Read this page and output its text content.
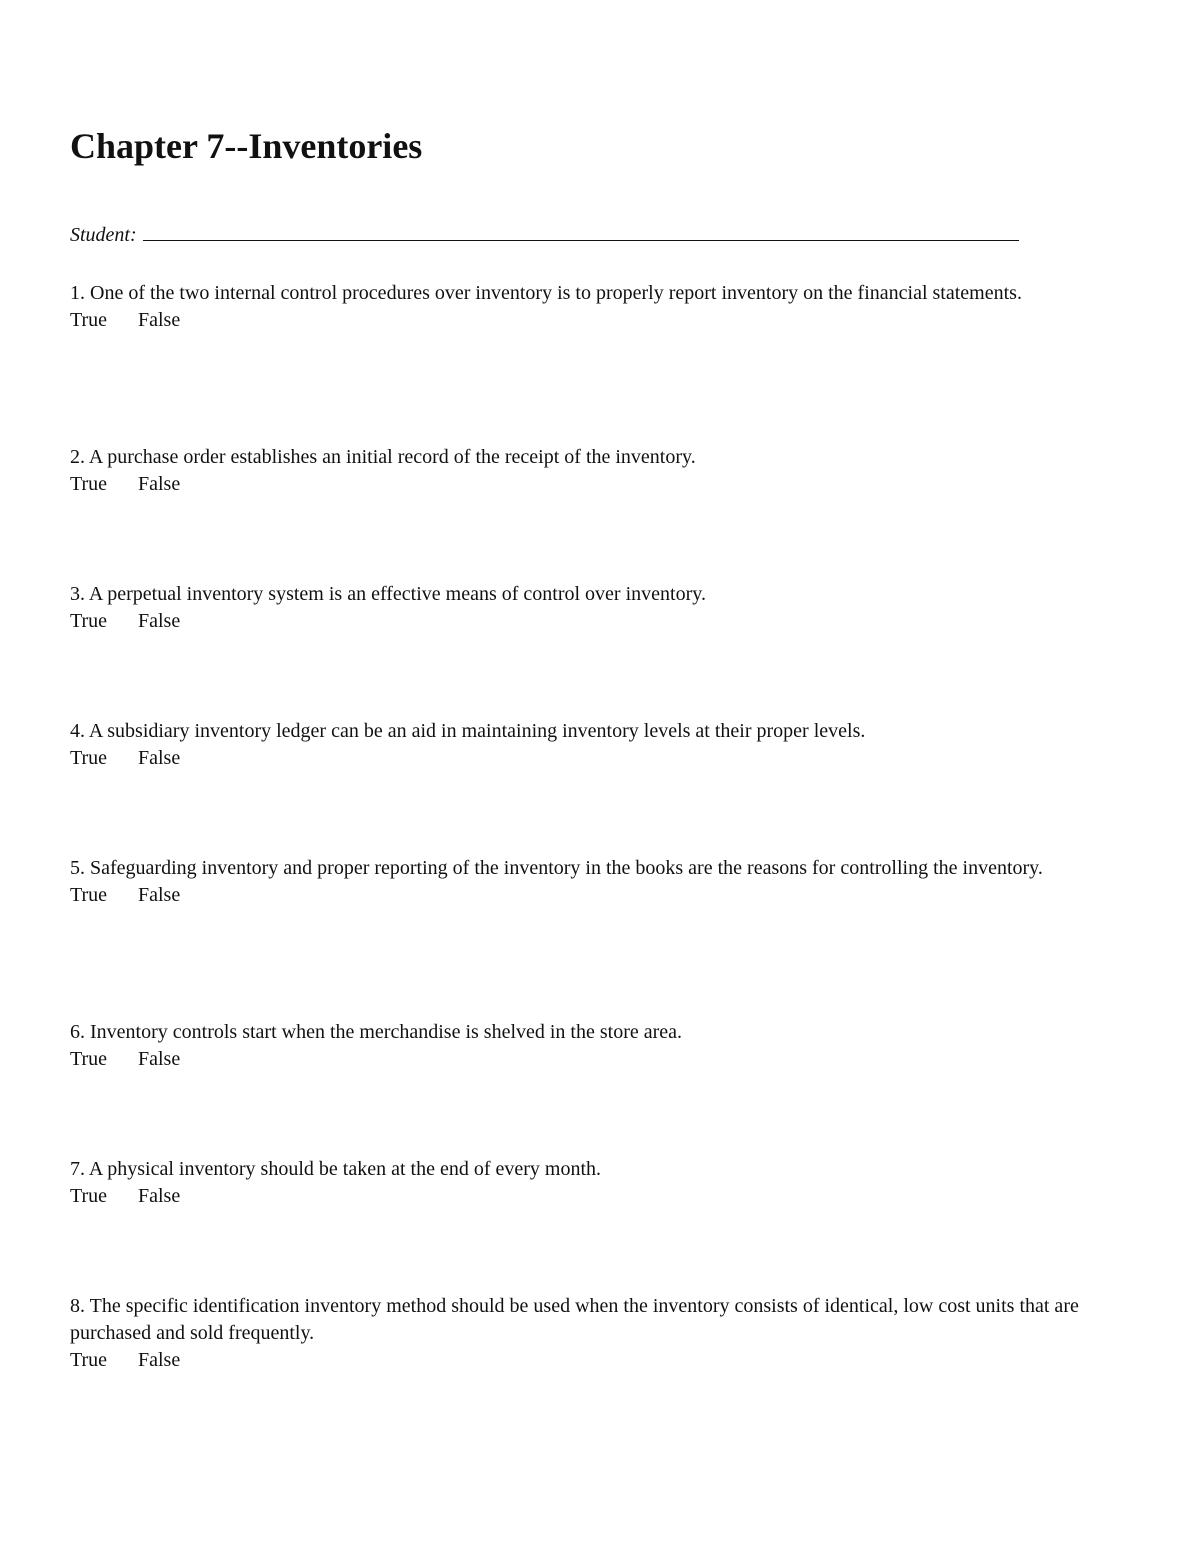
Chapter 7--Inventories
Student:

1. One of the two internal control procedures over inventory is to properly report inventory on the financial statements.

True False

2. A purchase order establishes an initial record of the receipt of the inventory.

True False

3. A perpetual inventory system is an effective means of control over inventory.

True False

4. A subsidiary inventory ledger can be an aid in maintaining inventory levels at their proper levels.

True False

5. Safeguarding inventory and proper reporting of the inventory in the books are the reasons for controlling the inventory.

True False

6. Inventory controls start when the merchandise is shelved in the store area.

True False

7. A physical inventory should be taken at the end of every month.

True False

8. The specific identification inventory method should be used when the inventory consists of identical, low cost units that are purchased and sold frequently.

True False
